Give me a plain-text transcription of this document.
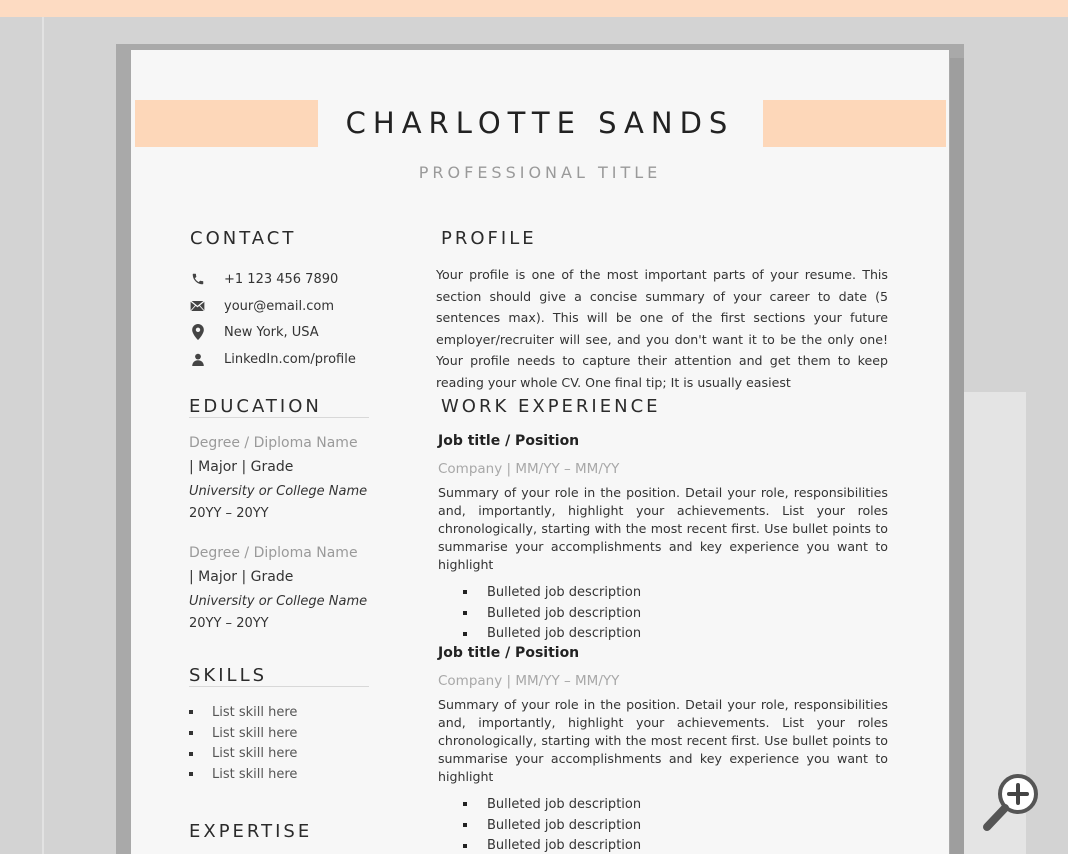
CHARLOTTE SANDS
PROFESSIONAL TITLE
CONTACT
+1 123 456 7890
your@email.com
New York, USA
LinkedIn.com/profile
EDUCATION
Degree / Diploma Name
| Major | Grade
University or College Name
20YY – 20YY
Degree / Diploma Name
| Major | Grade
University or College Name
20YY – 20YY
SKILLS
List skill here
List skill here
List skill here
List skill here
EXPERTISE
PROFILE
Your profile is one of the most important parts of your resume. This section should give a concise summary of your career to date (5 sentences max). This will be one of the first sections your future employer/recruiter will see, and you don't want it to be the only one! Your profile needs to capture their attention and get them to keep reading your whole CV. One final tip; It is usually easiest
WORK EXPERIENCE
Job title / Position
Company | MM/YY – MM/YY
Summary of your role in the position. Detail your role, responsibilities and, importantly, highlight your achievements. List your roles chronologically, starting with the most recent first. Use bullet points to summarise your accomplishments and key experience you want to highlight
Bulleted job description
Bulleted job description
Bulleted job description
Job title / Position
Company | MM/YY – MM/YY
Summary of your role in the position. Detail your role, responsibilities and, importantly, highlight your achievements. List your roles chronologically, starting with the most recent first. Use bullet points to summarise your accomplishments and key experience you want to highlight
Bulleted job description
Bulleted job description
Bulleted job description
